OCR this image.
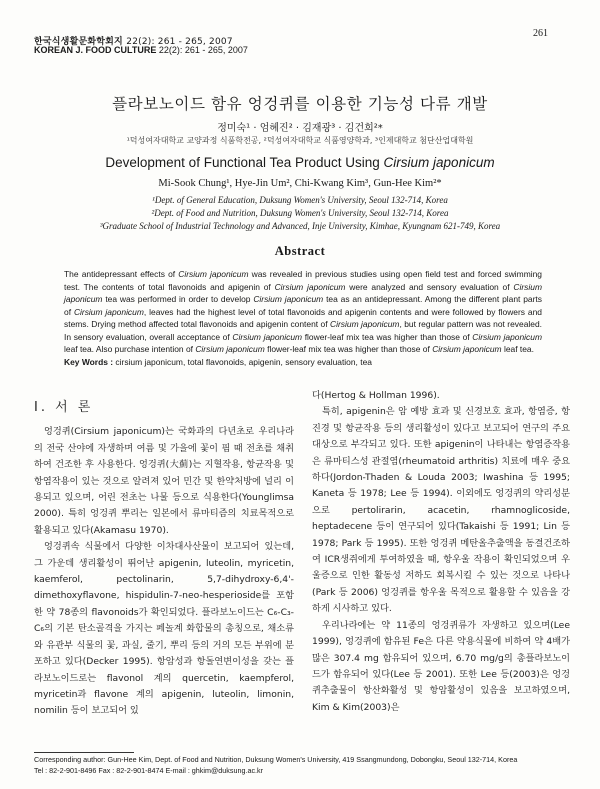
한국식생활문화학회지 22(2): 261 - 265, 2007
KOREAN J. FOOD CULTURE 22(2): 261 - 265, 2007
261
플라보노이드 함유 엉겅퀴를 이용한 기능성 다류 개발
정미숙¹ · 엄혜진² · 김재광³ · 김건희²*
¹덕성여자대학교 교양과정 식품학전공, ²덕성여자대학교 식품영양학과, ³인제대학교 첨단산업대학원
Development of Functional Tea Product Using Cirsium japonicum
Mi-Sook Chung¹, Hye-Jin Um², Chi-Kwang Kim³, Gun-Hee Kim²*
¹Dept. of General Education, Duksung Women's University, Seoul 132-714, Korea
²Dept. of Food and Nutrition, Duksung Women's University, Seoul 132-714, Korea
³Graduate School of Industrial Technology and Advanced, Inje University, Kimhae, Kyungnam 621-749, Korea
Abstract
The antidepressant effects of Cirsium japonicum was revealed in previous studies using open field test and forced swimming test. The contents of total flavonoids and apigenin of Cirsium japonicum were analyzed and sensory evaluation of Cirsium japonicum tea was performed in order to develop Cirsium japonicum tea as an antidepressant. Among the different plant parts of Cirsium japonicum, leaves had the highest level of total flavonoids and apigenin contents and were followed by flowers and stems. Drying method affected total flavonoids and apigenin content of Cirsium japonicum, but regular pattern was not revealed. In sensory evaluation, overall acceptance of Cirsium japonicum flower-leaf mix tea was higher than those of Cirsium japonicum leaf tea. Also purchase intention of Cirsium japonicum flower-leaf mix tea was higher than those of Cirsium japonicum leaf tea.
Key Words : cirsium japonicum, total flavonoids, apigenin, sensory evaluation, tea

I. 서 론

엉겅퀴(Cirsium japonicum)는 국화과의 다년초로 우리나라의 전국 산야에 자생하며 여름 및 가을에 꽃이 핌 때 전초를 채취하여 건조한 후 사용한다. 엉겅퀴(大薊)는 지혈작용, 항균작용 및 항염작용이 있는 것으로 알려져 있어 민간 및 한약처방에 널리 이용되고 있으며, 어린 전초는 나물 등으로 식용한다(Younglimsa 2000). 특히 엉겅퀴 뿌리는 일본에서 류마티즘의 치료목적으로 활용되고 있다(Akamasu 1970).

엉겅퀴속 식물에서 다양한 이차대사산물이 보고되어 있는데, 그 가운데 생리활성이 뛰어난 apigenin, luteolin, myricetin, kaemferol, pectolinarin, 5,7-dihydroxy-6,4'-dimethoxyflavone, hispidulin-7-neo-hesperioside를 포함한 약 78종의 flavonoids가 확인되었다. 플라보노이드는 C₆-C₃-C₆의 기본 탄소골격을 가지는 페놀계 화합물의 총칭으로, 채소류와 유관부 식물의 꽃, 과실, 줄기, 뿌리 등의 거의 모든 부위에 분포하고 있다(Decker 1995). 항암성과 항돌연변이성을 갖는 플라보노이드로는 flavonol 계의 quercetin, kaempferol, myricetin과 flavone 계의 apigenin, luteolin, limonin, nomilin 등이 보고되어 있

다(Hertog & Hollman 1996).

특히, apigenin은 암 예방 효과 및 신경보호 효과, 항염증, 항진경 및 항균작용 등의 생리활성이 있다고 보고되어 연구의 주요 대상으로 부각되고 있다. 또한 apigenin이 나타내는 항염증작용은 류마티스성 관절염(rheumatoid arthritis) 치료에 매우 중요하다(Jordon-Thaden & Louda 2003; Iwashina 등 1995; Kaneta 등 1978; Lee 등 1994). 이외에도 엉겅퀴의 약리성분으로 pertolirarin, acacetin, rhamnoglicoside, heptadecene 등이 연구되어 있다(Takaishi 등 1991; Lin 등 1978; Park 등 1995). 또한 엉겅퀴 메탄올추출액을 동결건조하여 ICR생쥐에게 투여하였을 때, 항우울 작용이 확인되었으며 우울증으로 인한 활동성 저하도 회복시킬 수 있는 것으로 나타나(Park 등 2006) 엉겅퀴를 항우울 목적으로 활용할 수 있음을 강하게 시사하고 있다.

우리나라에는 약 11종의 엉겅퀴류가 자생하고 있으며(Lee 1999), 엉겅퀴에 함유된 Fe은 다른 약용식물에 비하여 약 4배가 많은 307.4 mg 함유되어 있으며, 6.70 mg/g의 총플라보노이드가 함유되어 있다(Lee 등 2001). 또한 Lee 등(2003)은 엉겅퀴추출물이 항산화활성 및 항암활성이 있음을 보고하였으며, Kim & Kim(2003)은

Corresponding author: Gun-Hee Kim, Dept. of Food and Nutrition, Duksung Women's University, 419 Ssangmundong, Dobongku, Seoul 132-714, Korea
Tel : 82-2-901-8496 Fax : 82-2-901-8474 E-mail : ghkim@duksung.ac.kr
